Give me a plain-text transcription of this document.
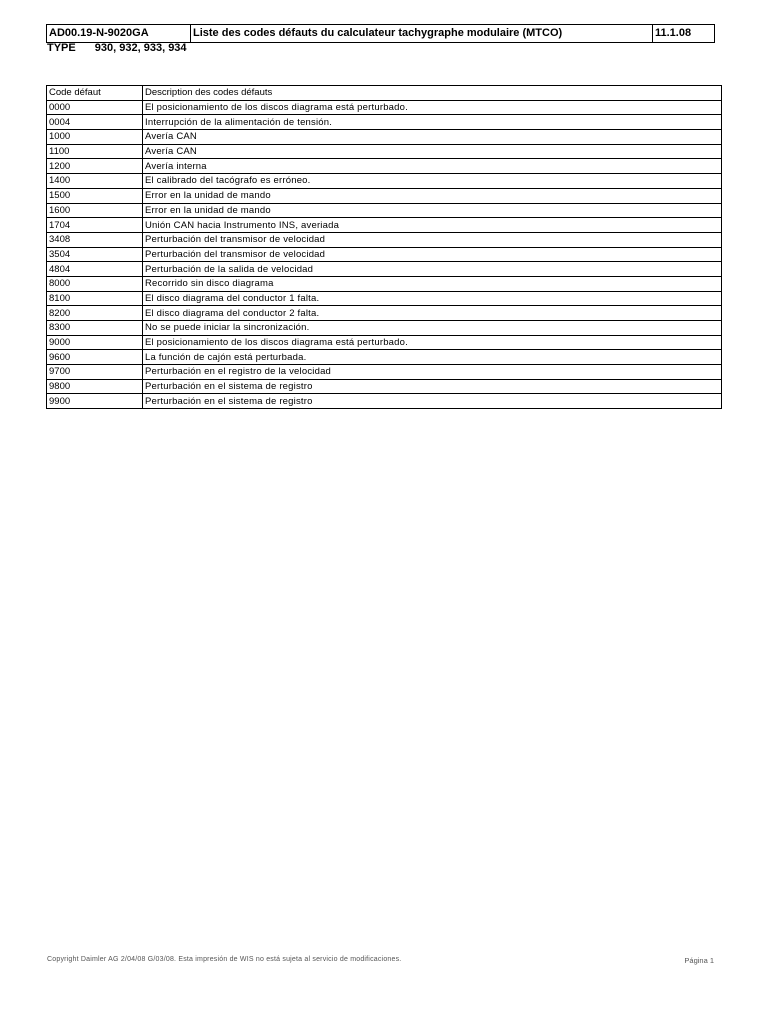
AD00.19-N-9020GA	Liste des codes défauts du calculateur tachygraphe modulaire (MTCO)	11.1.08
TYPE 930, 932, 933, 934
Code défaut	Description des codes défauts
0000	El posicionamiento de los discos diagrama está perturbado.
0004	Interrupción de la alimentación de tensión.
1000	Avería CAN
1100	Avería CAN
1200	Avería interna
1400	El calibrado del tacógrafo es erróneo.
1500	Error en la unidad de mando
1600	Error en la unidad de mando
1704	Unión CAN hacia Instrumento INS, averiada
3408	Perturbación del transmisor de velocidad
3504	Perturbación del transmisor de velocidad
4804	Perturbación de la salida de velocidad
8000	Recorrido sin disco diagrama
8100	El disco diagrama del conductor 1 falta.
8200	El disco diagrama del conductor 2 falta.
8300	No se puede iniciar la sincronización.
9000	El posicionamiento de los discos diagrama está perturbado.
9600	La función de cajón está perturbada.
9700	Perturbación en el registro de la velocidad
9800	Perturbación en el sistema de registro
9900	Perturbación en el sistema de registro
Copyright Daimler AG 2/04/08 G/03/08. Esta impresión de WIS no está sujeta al servicio de modificaciones.	Página 1
